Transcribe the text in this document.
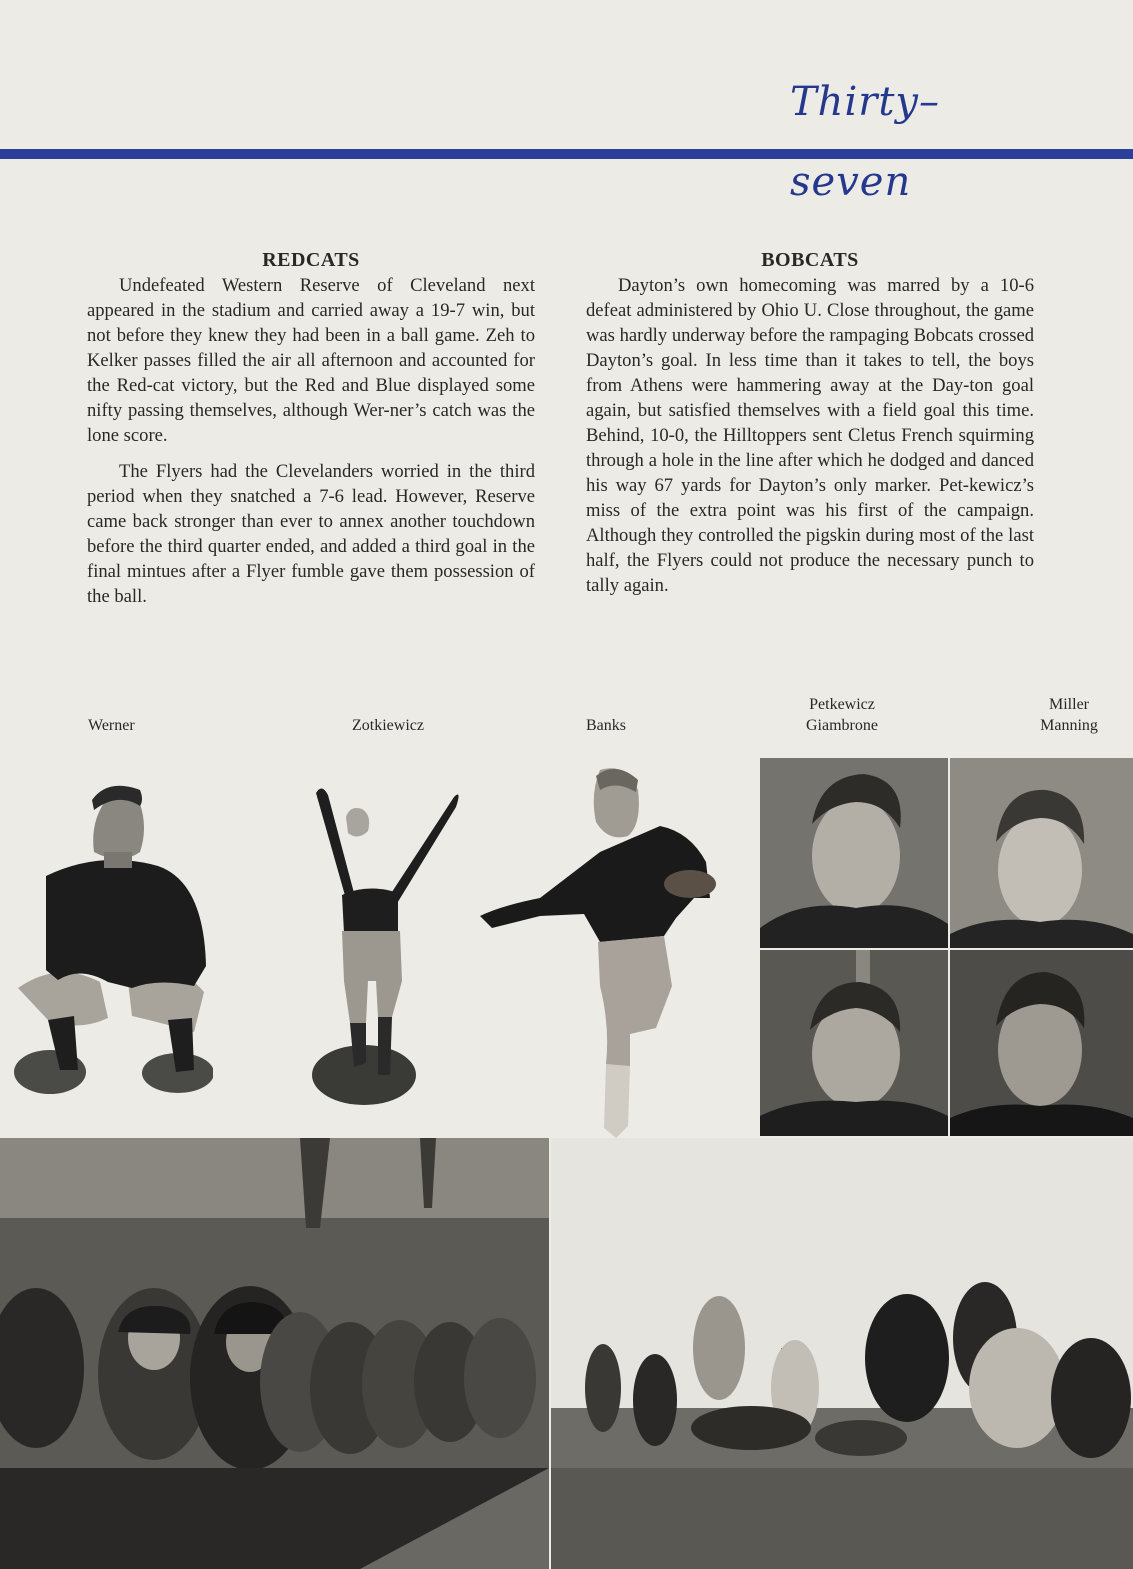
Thirty–seven
REDCATS

Undefeated Western Reserve of Cleveland next appeared in the stadium and carried away a 19-7 win, but not before they knew they had been in a ball game. Zeh to Kelker passes filled the air all afternoon and accounted for the Red-cat victory, but the Red and Blue displayed some nifty passing themselves, although Wer-ner’s catch was the lone score.

The Flyers had the Clevelanders worried in the third period when they snatched a 7-6 lead. However, Reserve came back stronger than ever to annex another touchdown before the third quarter ended, and added a third goal in the final mintues after a Flyer fumble gave them possession of the ball.

BOBCATS

Dayton’s own homecoming was marred by a 10-6 defeat administered by Ohio U. Close throughout, the game was hardly underway before the rampaging Bobcats crossed Dayton’s goal. In less time than it takes to tell, the boys from Athens were hammering away at the Day-ton goal again, but satisfied themselves with a field goal this time. Behind, 10-0, the Hilltoppers sent Cletus French squirming through a hole in the line after which he dodged and danced his way 67 yards for Dayton’s only marker. Pet-kewicz’s miss of the extra point was his first of the campaign. Although they controlled the pigskin during most of the last half, the Flyers could not produce the necessary punch to tally again.

Werner	Zotkiewicz	Banks
Petkewicz
Giambrone
Miller
Manning
